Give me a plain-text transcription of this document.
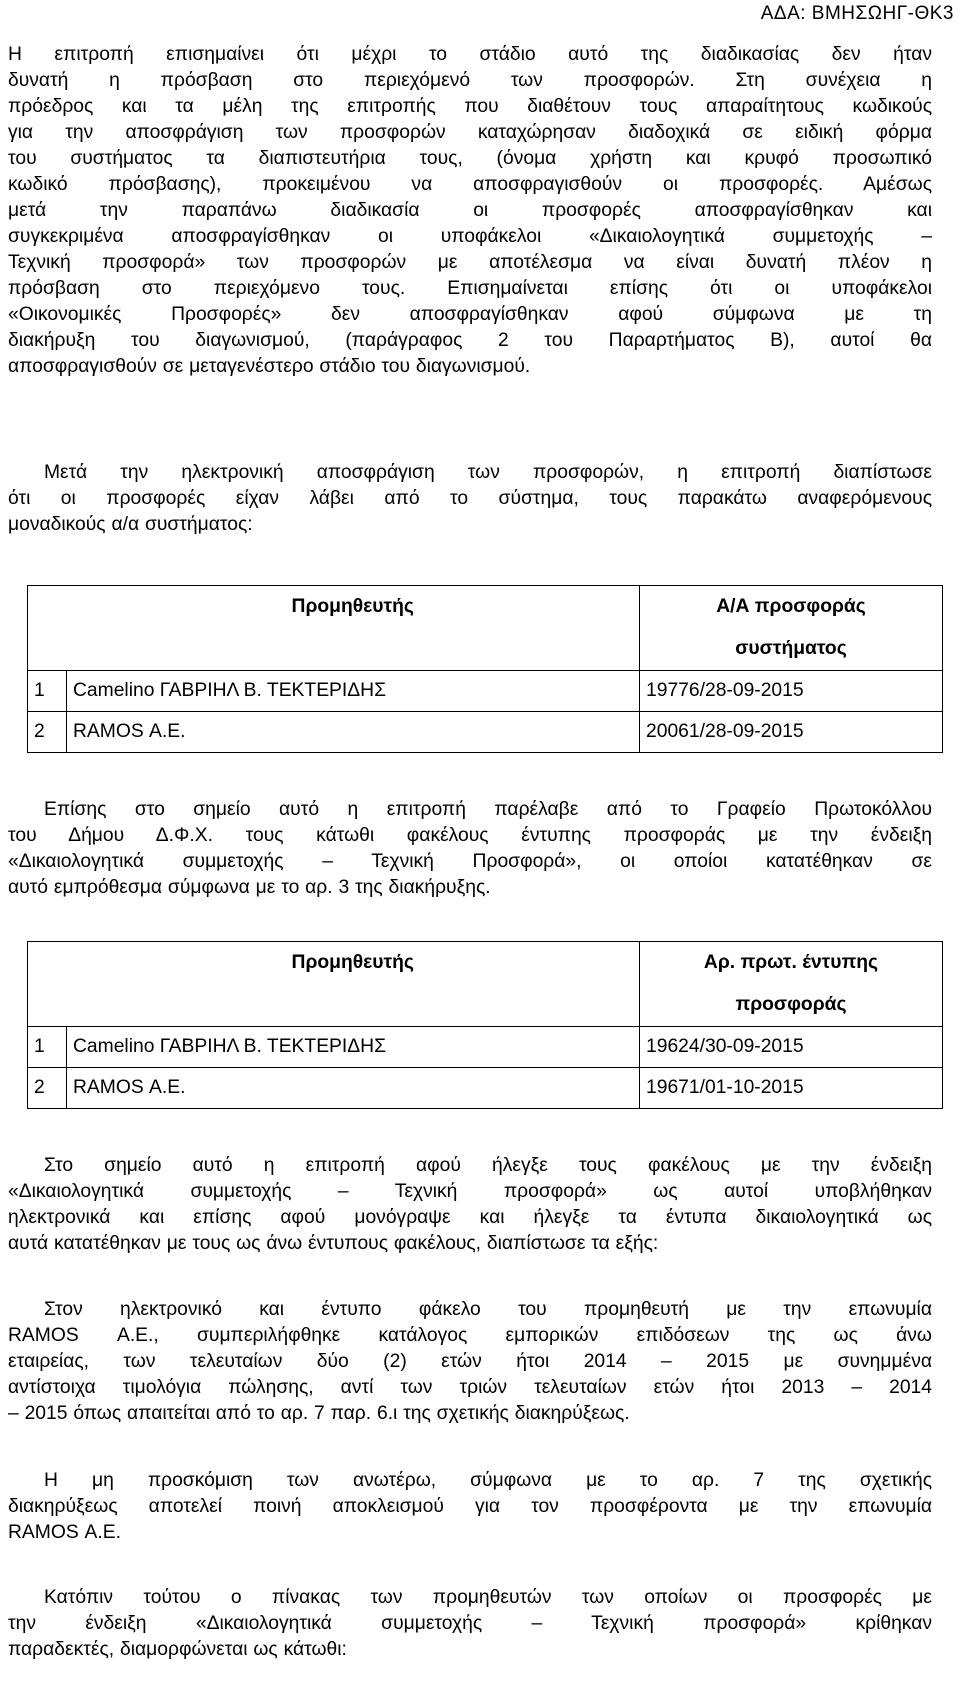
ΑΔΑ: ΒΜΗΣΩΗΓ-ΘΚ3

Η επιτροπή επισημαίνει ότι μέχρι το στάδιο αυτό της διαδικασίας δεν ήταν
δυνατή η πρόσβαση στο περιεχόμενό των προσφορών. Στη συνέχεια η
πρόεδρος και τα μέλη της επιτροπής που διαθέτουν τους απαραίτητους κωδικούς
για την αποσφράγιση των προσφορών καταχώρησαν διαδοχικά σε ειδική φόρμα
του συστήματος τα διαπιστευτήρια τους, (όνομα χρήστη και κρυφό προσωπικό
κωδικό πρόσβασης), προκειμένου να αποσφραγισθούν οι προσφορές. Αμέσως
μετά την παραπάνω διαδικασία οι προσφορές αποσφραγίσθηκαν και
συγκεκριμένα αποσφραγίσθηκαν οι υποφάκελοι «Δικαιολογητικά συμμετοχής –
Τεχνική προσφορά» των προσφορών με αποτέλεσμα να είναι δυνατή πλέον η
πρόσβαση στο περιεχόμενο τους. Επισημαίνεται επίσης ότι οι υποφάκελοι
«Οικονομικές Προσφορές» δεν αποσφραγίσθηκαν αφού σύμφωνα με τη
διακήρυξη του διαγωνισμού, (παράγραφος 2 του Παραρτήματος Β), αυτοί θα
αποσφραγισθούν σε μεταγενέστερο στάδιο του διαγωνισμού.

Μετά την ηλεκτρονική αποσφράγιση των προσφορών, η επιτροπή διαπίστωσε
ότι οι προσφορές είχαν λάβει από το σύστημα, τους παρακάτω αναφερόμενους
μοναδικούς α/α συστήματος:

	Προμηθευτής	Α/Α προσφοράς
συστήματος

1	Camelino ΓΑΒΡΙΗΛ Β. ΤΕΚΤΕΡΙΔΗΣ	19776/28-09-2015
2	RAMOS Α.Ε.	20061/28-09-2015

Επίσης στο σημείο αυτό η επιτροπή παρέλαβε από το Γραφείο Πρωτοκόλλου
του Δήμου Δ.Φ.Χ. τους κάτωθι φακέλους έντυπης προσφοράς με την ένδειξη
«Δικαιολογητικά συμμετοχής – Τεχνική Προσφορά», οι οποίοι κατατέθηκαν σε
αυτό εμπρόθεσμα σύμφωνα με το αρ. 3 της διακήρυξης.

	Προμηθευτής	Αρ. πρωτ. έντυπης
προσφοράς

1	Camelino ΓΑΒΡΙΗΛ Β. ΤΕΚΤΕΡΙΔΗΣ	19624/30-09-2015
2	RAMOS Α.Ε.	19671/01-10-2015

Στο σημείο αυτό η επιτροπή αφού ήλεγξε τους φακέλους με την ένδειξη
«Δικαιολογητικά συμμετοχής – Τεχνική προσφορά» ως αυτοί υποβλήθηκαν
ηλεκτρονικά και επίσης αφού μονόγραψε και ήλεγξε τα έντυπα δικαιολογητικά ως
αυτά κατατέθηκαν με τους ως άνω έντυπους φακέλους, διαπίστωσε τα εξής:

Στον ηλεκτρονικό και έντυπο φάκελο του προμηθευτή με την επωνυμία
RAMOS Α.Ε., συμπεριλήφθηκε κατάλογος εμπορικών επιδόσεων της ως άνω
εταιρείας, των τελευταίων δύο (2) ετών ήτοι 2014 – 2015 με συνημμένα
αντίστοιχα τιμολόγια πώλησης, αντί των τριών τελευταίων ετών ήτοι 2013 – 2014
– 2015 όπως απαιτείται από το αρ. 7 παρ. 6.ι της σχετικής διακηρύξεως.

Η μη προσκόμιση των ανωτέρω, σύμφωνα με το αρ. 7 της σχετικής
διακηρύξεως αποτελεί ποινή αποκλεισμού για τον προσφέροντα με την επωνυμία
RAMOS Α.Ε.

Κατόπιν τούτου ο πίνακας των προμηθευτών των οποίων οι προσφορές με
την ένδειξη «Δικαιολογητικά συμμετοχής – Τεχνική προσφορά» κρίθηκαν
παραδεκτές, διαμορφώνεται ως κάτωθι:
